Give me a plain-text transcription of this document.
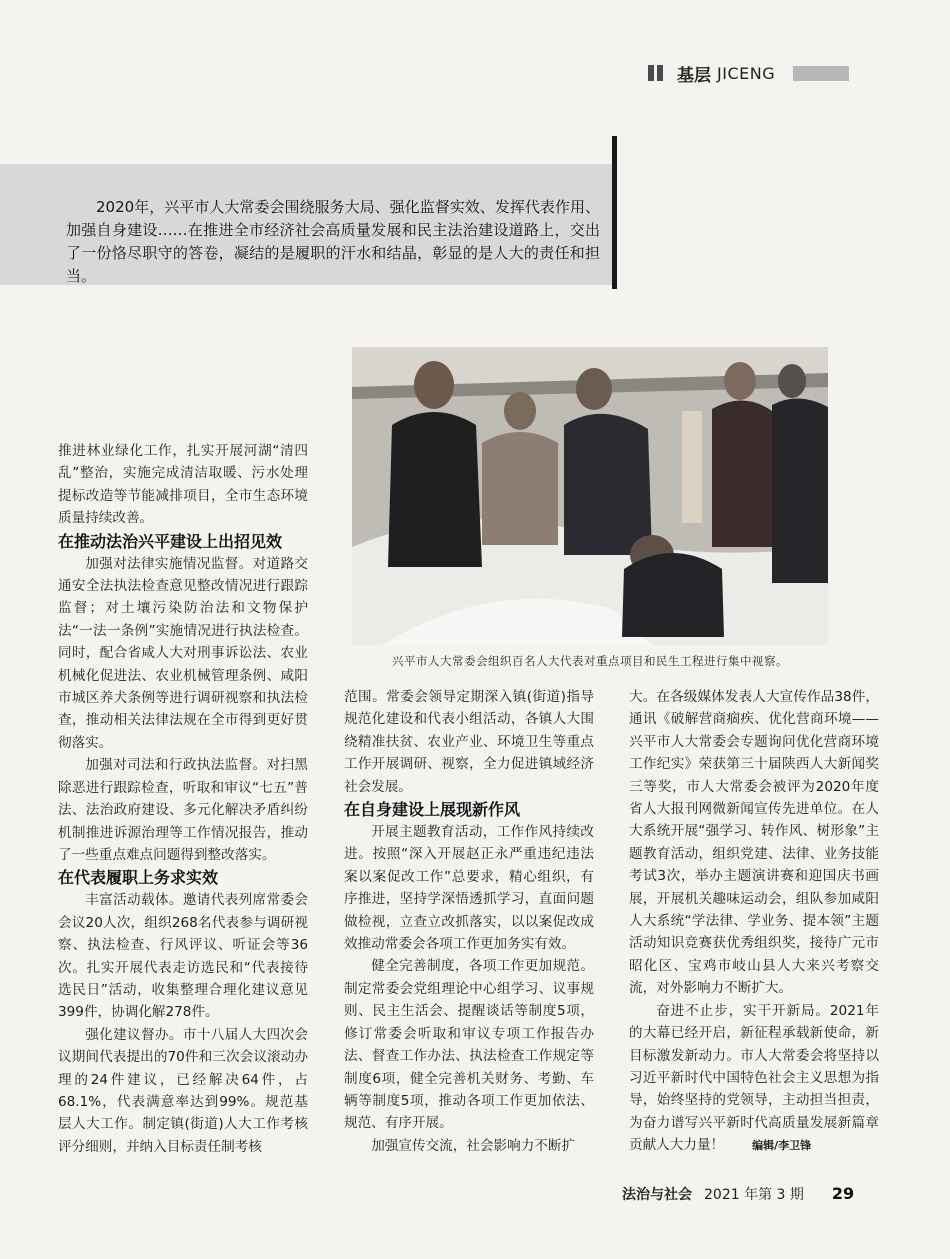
基层 JICENG
2020年，兴平市人大常委会围绕服务大局、强化监督实效、发挥代表作用、加强自身建设……在推进全市经济社会高质量发展和民主法治建设道路上，交出了一份恪尽职守的答卷，凝结的是履职的汗水和结晶，彰显的是人大的责任和担当。
兴平市人大常委会组织百名人大代表对重点项目和民生工程进行集中视察。

推进林业绿化工作，扎实开展河湖“清四乱”整治，实施完成清洁取暖、污水处理提标改造等节能减排项目，全市生态环境质量持续改善。

在推动法治兴平建设上出招见效

加强对法律实施情况监督。对道路交通安全法执法检查意见整改情况进行跟踪监督；对土壤污染防治法和文物保护法“一法一条例”实施情况进行执法检查。同时，配合省咸人大对刑事诉讼法、农业机械化促进法、农业机械管理条例、咸阳市城区养犬条例等进行调研视察和执法检查，推动相关法律法规在全市得到更好贯彻落实。

加强对司法和行政执法监督。对扫黑除恶进行跟踪检查，听取和审议“七五”普法、法治政府建设、多元化解决矛盾纠纷机制推进诉源治理等工作情况报告，推动了一些重点难点问题得到整改落实。

在代表履职上务求实效

丰富活动载体。邀请代表列席常委会会议20人次，组织268名代表参与调研视察、执法检查、行风评议、听证会等36次。扎实开展代表走访选民和“代表接待选民日”活动，收集整理合理化建议意见399件，协调化解278件。

强化建议督办。市十八届人大四次会议期间代表提出的70件和三次会议滚动办理的24件建议，已经解决64件，占68.1%，代表满意率达到99%。规范基层人大工作。制定镇(街道)人大工作考核评分细则，并纳入目标责任制考核

范围。常委会领导定期深入镇(街道)指导规范化建设和代表小组活动，各镇人大围绕精准扶贫、农业产业、环境卫生等重点工作开展调研、视察，全力促进镇域经济社会发展。

在自身建设上展现新作风

开展主题教育活动，工作作风持续改进。按照“深入开展赵正永严重违纪违法案以案促改工作”总要求，精心组织，有序推进，坚持学深悟透抓学习，直面问题做检视，立查立改抓落实，以以案促改成效推动常委会各项工作更加务实有效。

健全完善制度，各项工作更加规范。制定常委会党组理论中心组学习、议事规则、民主生活会、提醒谈话等制度5项，修订常委会听取和审议专项工作报告办法、督查工作办法、执法检查工作规定等制度6项，健全完善机关财务、考勤、车辆等制度5项，推动各项工作更加依法、规范、有序开展。

加强宣传交流，社会影响力不断扩

大。在各级媒体发表人大宣传作品38件，通讯《破解营商痼疾、优化营商环境——兴平市人大常委会专题询问优化营商环境工作纪实》荣获第三十届陕西人大新闻奖三等奖，市人大常委会被评为2020年度省人大报刊网微新闻宣传先进单位。在人大系统开展“强学习、转作风、树形象”主题教育活动，组织党建、法律、业务技能考试3次，举办主题演讲赛和迎国庆书画展，开展机关趣味运动会，组队参加咸阳人大系统“学法律、学业务、提本领”主题活动知识竞赛获优秀组织奖，接待广元市昭化区、宝鸡市岐山县人大来兴考察交流，对外影响力不断扩大。

奋进不止步，实干开新局。2021年的大幕已经开启，新征程承载新使命，新目标激发新动力。市人大常委会将坚持以习近平新时代中国特色社会主义思想为指导，始终坚持的党领导，主动担当担责，为奋力谱写兴平新时代高质量发展新篇章贡献人大力量！	编辑/李卫锋

法治与社会 2021 年第 3 期 29
